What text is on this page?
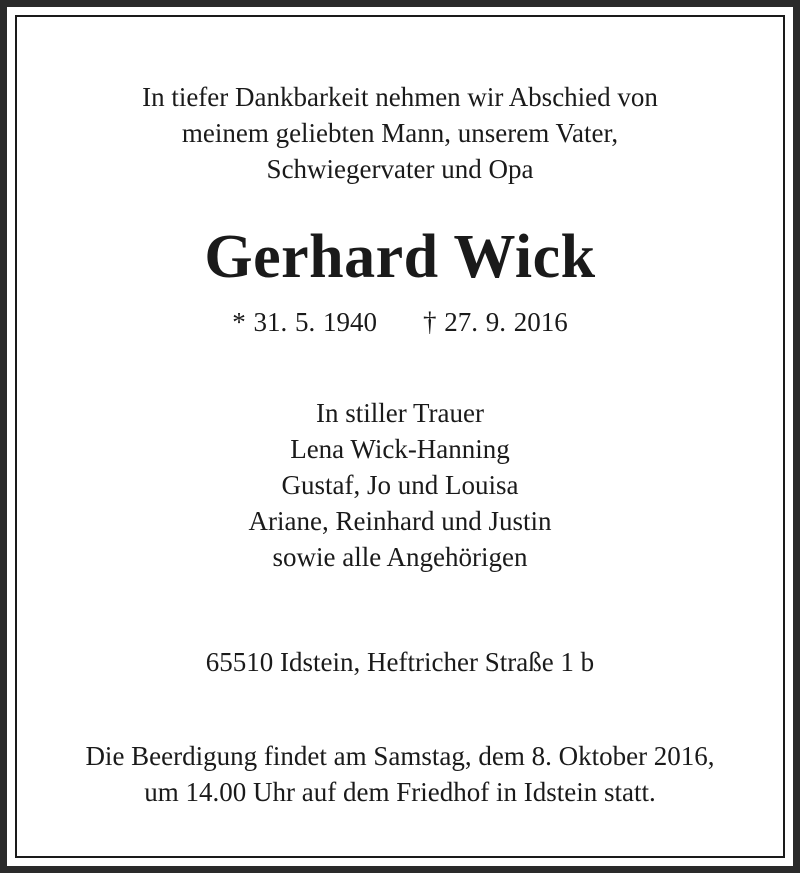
In tiefer Dankbarkeit nehmen wir Abschied von
meinem geliebten Mann, unserem Vater,
Schwiegervater und Opa
Gerhard Wick
* 31. 5. 1940 † 27. 9. 2016
In stiller Trauer
Lena Wick-Hanning
Gustaf, Jo und Louisa
Ariane, Reinhard und Justin
sowie alle Angehörigen
65510 Idstein, Heftricher Straße 1 b
Die Beerdigung findet am Samstag, dem 8. Oktober 2016,
um 14.00 Uhr auf dem Friedhof in Idstein statt.
